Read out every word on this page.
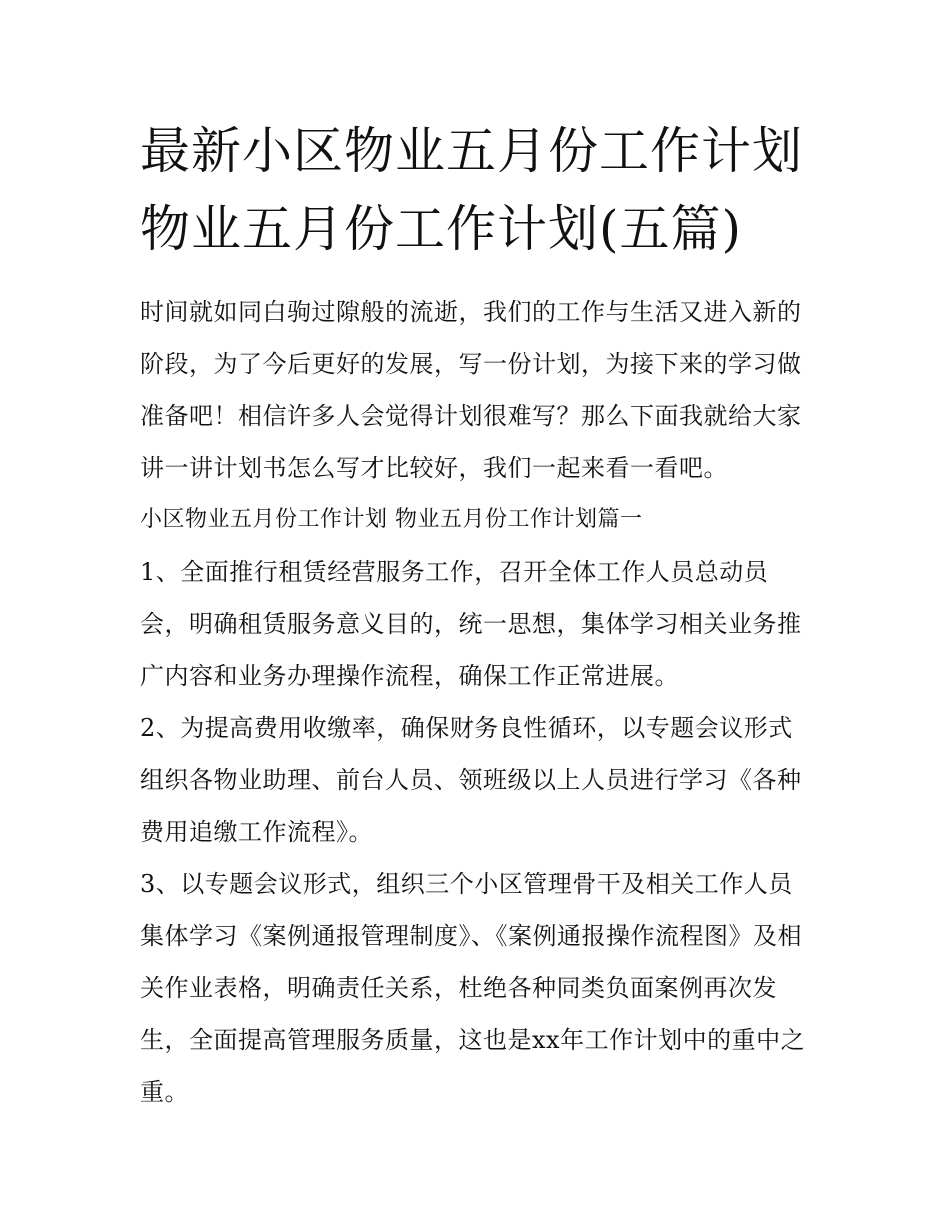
最新小区物业五月份工作计划
物业五月份工作计划(五篇)

时间就如同白驹过隙般的流逝，我们的工作与生活又进入新的阶段，为了今后更好的发展，写一份计划，为接下来的学习做准备吧！相信许多人会觉得计划很难写？那么下面我就给大家讲一讲计划书怎么写才比较好，我们一起来看一看吧。

小区物业五月份工作计划 物业五月份工作计划篇一

1、全面推行租赁经营服务工作，召开全体工作人员总动员会，明确租赁服务意义目的，统一思想，集体学习相关业务推广内容和业务办理操作流程，确保工作正常进展。

2、为提高费用收缴率，确保财务良性循环，以专题会议形式组织各物业助理、前台人员、领班级以上人员进行学习《各种费用追缴工作流程》。

3、以专题会议形式，组织三个小区管理骨干及相关工作人员集体学习《案例通报管理制度》、《案例通报操作流程图》及相关作业表格，明确责任关系，杜绝各种同类负面案例再次发生，全面提高管理服务质量，这也是xx年工作计划中的重中之重。
